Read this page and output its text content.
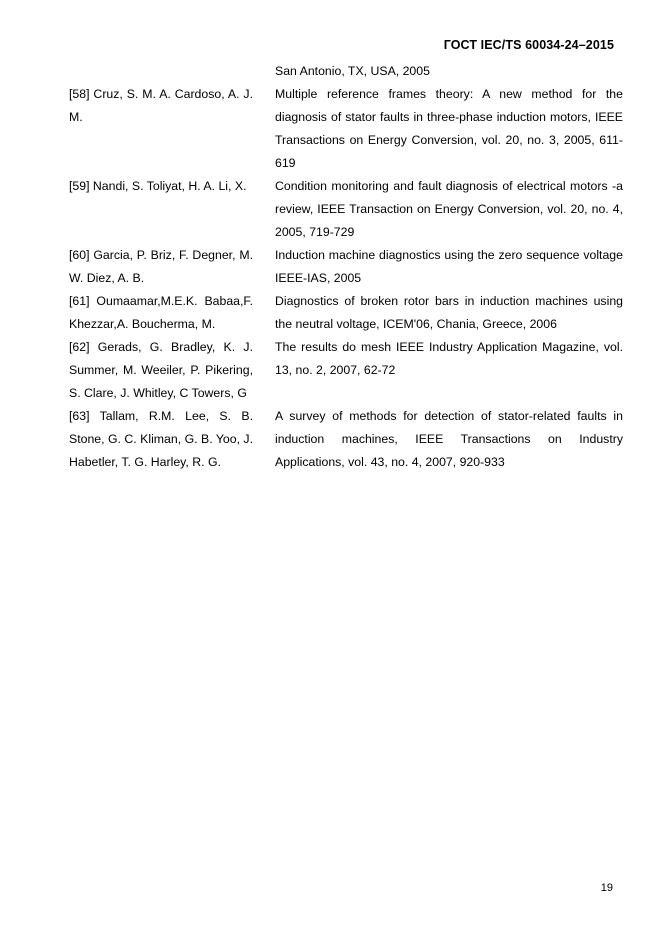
ГОСТ IEC/TS 60034-24–2015
San Antonio, TX, USA, 2005
[58] Cruz, S. M. A. Cardoso, A. J. M.
Multiple reference frames theory: A new method for the diagnosis of stator faults in three-phase induction motors, IEEE Transactions on Energy Conversion, vol. 20, no. 3, 2005, 611-619
[59] Nandi, S. Toliyat, H. A. Li, X.	Condition monitoring and fault diagnosis of electrical motors -a review, IEEE Transaction on Energy Conversion, vol. 20, no. 4, 2005, 719-729
[60] Garcia, P. Briz, F. Degner, M. W. Diez, A. B.
Induction machine diagnostics using the zero sequence voltage IEEE-IAS, 2005
[61] Oumaamar,M.E.K. Babaa,F. Khezzar,A. Boucherma, M.
Diagnostics of broken rotor bars in induction machines using the neutral voltage, ICEM'06, Chania, Greece, 2006
[62] Gerads, G. Bradley, K. J. Summer, M. Weeiler, P. Pikering, S. Clare, J. Whitley, C Towers, G
The results do mesh IEEE Industry Application Magazine, vol. 13, no. 2, 2007, 62-72
[63] Tallam, R.M. Lee, S. B. Stone, G. C. Kliman, G. B. Yoo, J. Habetler, T. G. Harley, R. G.
A survey of methods for detection of stator-related faults in induction machines, IEEE Transactions on Industry Applications, vol. 43, no. 4, 2007, 920-933
19
